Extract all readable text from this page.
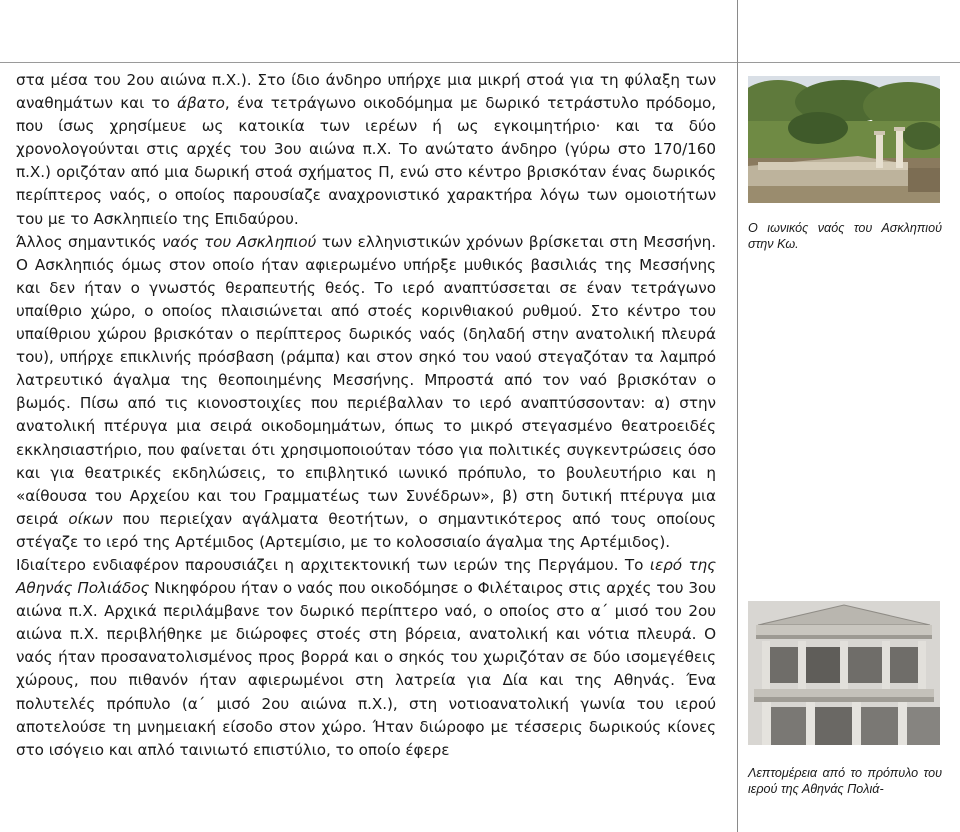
στα μέσα του 2ου αιώνα π.Χ.). Στο ίδιο άνδηρο υπήρχε μια μικρή στοά για τη φύλαξη των αναθημάτων και το άβατο, ένα τετράγωνο οικοδόμημα με δωρικό τετράστυλο πρόδομο, που ίσως χρησίμευε ως κατοικία των ιερέων ή ως εγκοιμητήριο· και τα δύο χρονολογούνται στις αρχές του 3ου αιώνα π.Χ. Το ανώτατο άνδηρο (γύρω στο 170/160 π.Χ.) οριζόταν από μια δωρική στοά σχήματος Π, ενώ στο κέντρο βρισκόταν ένας δωρικός περίπτερος ναός, ο οποίος παρουσίαζε αναχρονιστικό χαρακτήρα λόγω των ομοιοτήτων του με το Ασκληπιείο της Επιδαύρου.

Άλλος σημαντικός ναός του Ασκληπιού των ελληνιστικών χρόνων βρίσκεται στη Μεσσήνη. Ο Ασκληπιός όμως στον οποίο ήταν αφιερωμένο υπήρξε μυθικός βασιλιάς της Μεσσήνης και δεν ήταν ο γνωστός θεραπευτής θεός. Το ιερό αναπτύσσεται σε έναν τετράγωνο υπαίθριο χώρο, ο οποίος πλαισιώνεται από στοές κορινθιακού ρυθμού. Στο κέντρο του υπαίθριου χώρου βρισκόταν ο περίπτερος δωρικός ναός (δηλαδή στην ανατολική πλευρά του), υπήρχε επικλινής πρόσβαση (ράμπα) και στον σηκό του ναού στεγαζόταν τα λαμπρό λατρευτικό άγαλμα της θεοποιημένης Μεσσήνης. Μπροστά από τον ναό βρισκόταν ο βωμός. Πίσω από τις κιονοστοιχίες που περιέβαλλαν το ιερό αναπτύσσονταν: α) στην ανατολική πτέρυγα μια σειρά οικοδομημάτων, όπως το μικρό στεγασμένο θεατροειδές εκκλησιαστήριο, που φαίνεται ότι χρησιμοποιούταν τόσο για πολιτικές συγκεντρώσεις όσο και για θεατρικές εκδηλώσεις, το επιβλητικό ιωνικό πρόπυλο, το βουλευτήριο και η «αίθουσα του Αρχείου και του Γραμματέως των Συνέδρων», β) στη δυτική πτέρυγα μια σειρά οίκων που περιείχαν αγάλματα θεοτήτων, ο σημαντικότερος από τους οποίους στέγαζε το ιερό της Αρτέμιδος (Αρτεμίσιο, με το κολοσσιαίο άγαλμα της Αρτέμιδος).

Ιδιαίτερο ενδιαφέρον παρουσιάζει η αρχιτεκτονική των ιερών της Περγάμου. Το ιερό της Αθηνάς Πολιάδος Νικηφόρου ήταν ο ναός που οικοδόμησε ο Φιλέταιρος στις αρχές του 3ου αιώνα π.Χ. Αρχικά περιλάμβανε τον δωρικό περίπτερο ναό, ο οποίος στο α΄ μισό του 2ου αιώνα π.Χ. περιβλήθηκε με διώροφες στοές στη βόρεια, ανατολική και νότια πλευρά. Ο ναός ήταν προσανατολισμένος προς βορρά και ο σηκός του χωριζόταν σε δύο ισομεγέθεις χώρους, που πιθανόν ήταν αφιερωμένοι στη λατρεία για Δία και της Αθηνάς. Ένα πολυτελές πρόπυλο (α΄ μισό 2ου αιώνα π.Χ.), στη νοτιοανατολική γωνία του ιερού αποτελούσε τη μνημειακή είσοδο στον χώρο. Ήταν διώροφο με τέσσερις δωρικούς κίονες στο ισόγειο και απλό ταινιωτό επιστύλιο, το οποίο έφερε

Ο ιωνικός ναός του Ασκληπιού στην Κω.
Λεπτομέρεια από το πρόπυλο του ιερού της Αθηνάς Πολιά-
